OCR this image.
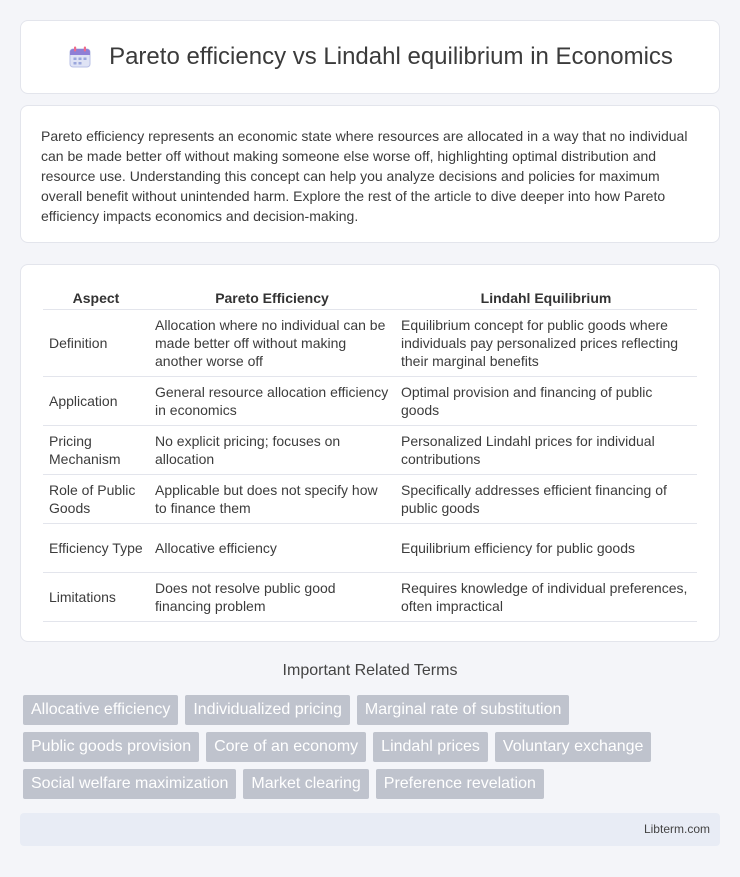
Pareto efficiency vs Lindahl equilibrium in Economics

Pareto efficiency represents an economic state where resources are allocated in a way that no individual can be made better off without making someone else worse off, highlighting optimal distribution and resource use. Understanding this concept can help you analyze decisions and policies for maximum overall benefit without unintended harm. Explore the rest of the article to dive deeper into how Pareto efficiency impacts economics and decision-making.

Aspect	Pareto Efficiency	Lindahl Equilibrium
Definition	Allocation where no individual can be made better off without making another worse off	Equilibrium concept for public goods where individuals pay personalized prices reflecting their marginal benefits
Application	General resource allocation efficiency in economics	Optimal provision and financing of public goods
Pricing Mechanism	No explicit pricing; focuses on allocation	Personalized Lindahl prices for individual contributions
Role of Public Goods	Applicable but does not specify how to finance them	Specifically addresses efficient financing of public goods
Efficiency Type	Allocative efficiency	Equilibrium efficiency for public goods
Limitations	Does not resolve public good financing problem	Requires knowledge of individual preferences, often impractical
Important Related Terms
Allocative efficiency	Individualized pricing	Marginal rate of substitution
Public goods provision	Core of an economy	Lindahl prices	Voluntary exchange
Social welfare maximization	Market clearing	Preference revelation
Libterm.com
